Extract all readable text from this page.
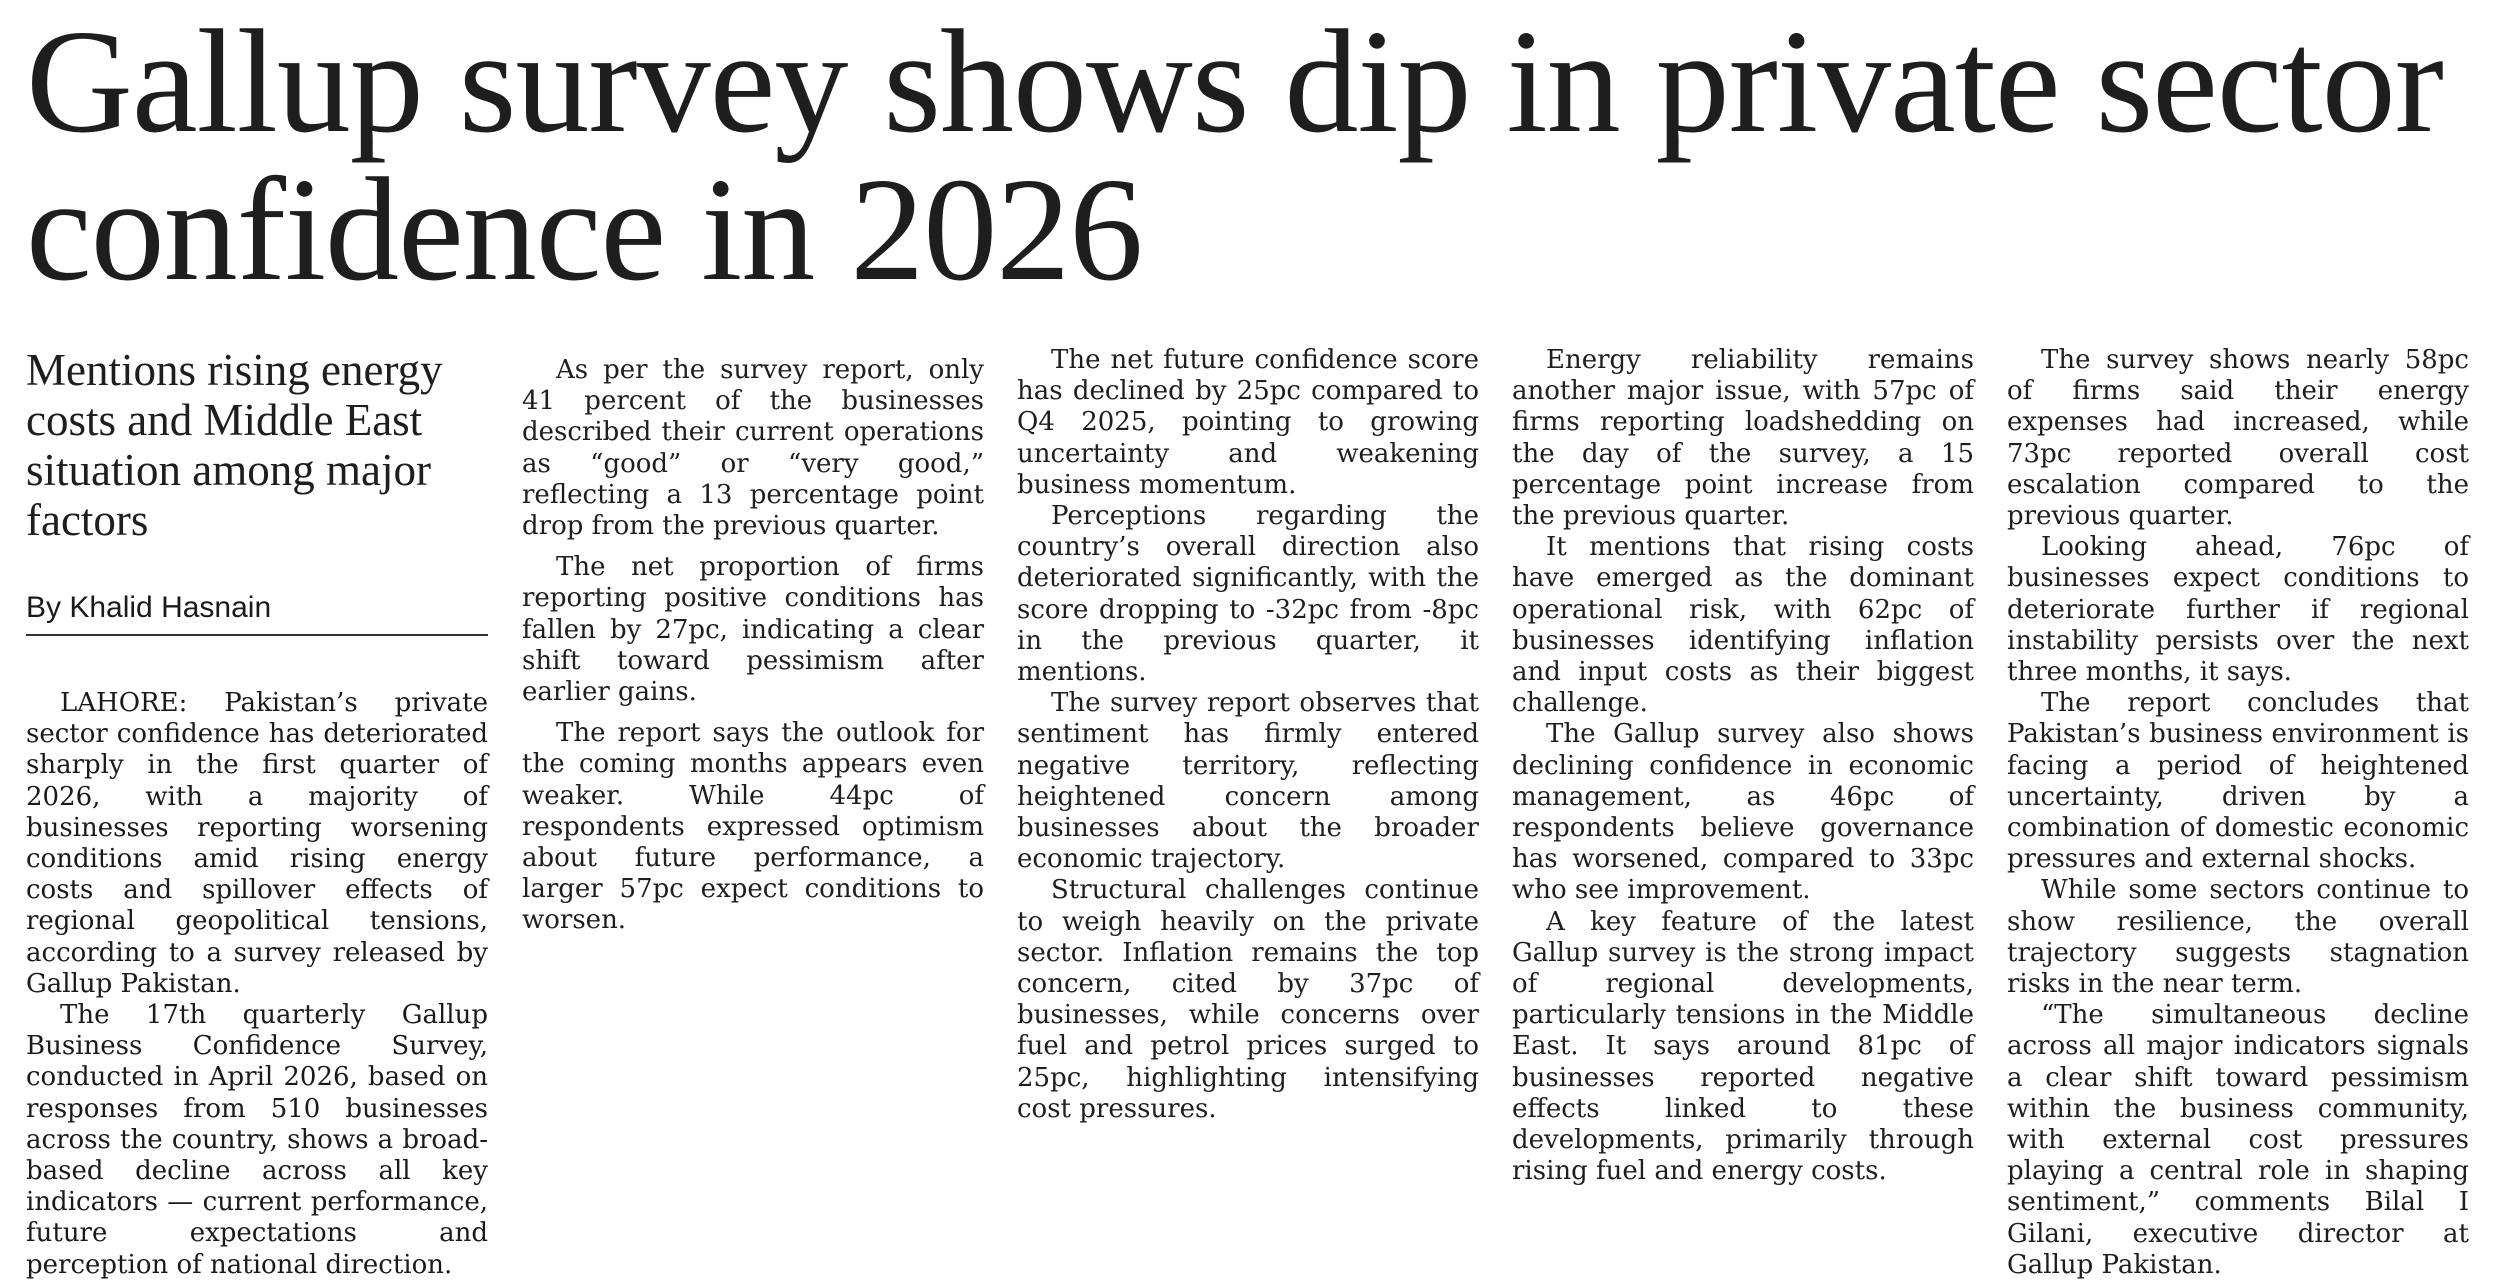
Gallup survey shows dip in private sector confidence in 2026
Mentions rising energy costs and Middle East situation among major factors
By Khalid Hasnain

LAHORE: Pakistan’s private sector confidence has deteriorated sharply in the first quarter of 2026, with a majority of businesses reporting worsening conditions amid rising energy costs and spillover effects of regional geopolitical tensions, according to a survey released by Gallup Pakistan.

The 17th quarterly Gallup Business Confidence Survey, conducted in April 2026, based on responses from 510 businesses across the country, shows a broad-based decline across all key indicators — current performance, future expectations and perception of national direction.

As per the survey report, only 41 percent of the businesses described their current operations as “good” or “very good,” reflecting a 13 percentage point drop from the previous quarter.

The net proportion of firms reporting positive conditions has fallen by 27pc, indicating a clear shift toward pessimism after earlier gains.

The report says the outlook for the coming months appears even weaker. While 44pc of respondents expressed optimism about future performance, a larger 57pc expect conditions to worsen.

The net future confidence score has declined by 25pc compared to Q4 2025, pointing to growing uncertainty and weakening business momentum.

Perceptions regarding the country’s overall direction also deteriorated significantly, with the score dropping to -32pc from -8pc in the previous quarter, it mentions.

The survey report observes that sentiment has firmly entered negative territory, reflecting heightened concern among businesses about the broader economic trajectory.

Structural challenges continue to weigh heavily on the private sector. Inflation remains the top concern, cited by 37pc of businesses, while concerns over fuel and petrol prices surged to 25pc, highlighting intensifying cost pressures.

Energy reliability remains another major issue, with 57pc of firms reporting loadshedding on the day of the survey, a 15 percentage point increase from the previous quarter.

It mentions that rising costs have emerged as the dominant operational risk, with 62pc of businesses identifying inflation and input costs as their biggest challenge.

The Gallup survey also shows declining confidence in economic management, as 46pc of respondents believe governance has worsened, compared to 33pc who see improvement.

A key feature of the latest Gallup survey is the strong impact of regional developments, particularly tensions in the Middle East. It says around 81pc of businesses reported negative effects linked to these developments, primarily through rising fuel and energy costs.

The survey shows nearly 58pc of firms said their energy expenses had increased, while 73pc reported overall cost escalation compared to the previous quarter.

Looking ahead, 76pc of businesses expect conditions to deteriorate further if regional instability persists over the next three months, it says.

The report concludes that Pakistan’s business environment is facing a period of heightened uncertainty, driven by a combination of domestic economic pressures and external shocks.

While some sectors continue to show resilience, the overall trajectory suggests stagnation risks in the near term.

“The simultaneous decline across all major indicators signals a clear shift toward pessimism within the business community, with external cost pressures playing a central role in shaping sentiment,” comments Bilal I Gilani, executive director at Gallup Pakistan.
